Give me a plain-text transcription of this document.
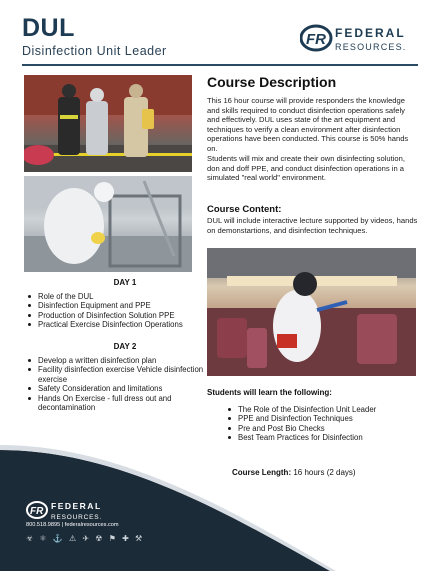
DUL
Disinfection Unit Leader
FR FEDERAL
RESOURCES.
Course Description

This 16 hour course will provide responders the knowledge and skills required to conduct disinfection operations safely and effectively. DUL uses state of the art equipment and techniques to verify a clean environment after disinfection operations have been conducted. This course is 50% hands on.

Students will mix and create their own disinfecting solution, don and doff PPE, and conduct disinfection operations in a simulated "real world" environment.

Course Content:

DUL will include interactive lecture supported by videos, hands on demonstartions, and disinfection techniques.

DAY 1
Role of the DUL
Disinfection Equipment and PPE
Production of Disinfection Solution PPE
Practical Exercise Disinfection Operations
DAY 2
Develop a written disinfection plan
Facility disinfection exercise Vehicle disinfection exercise
Safety Consideration and limitations
Hands On Exercise - full dress out and decontamination
Students will learn the following:
The Role of the Disinfection Unit Leader
PPE and Disinfection Techniques
Pre and Post Bio Checks
Best Team Practices for Disinfection
Course Length: 16 hours (2 days)
FR FEDERAL
RESOURCES.
800.518.9895 | federalresources.com
☣ ⚛ ⚓ ⚠ ✈ ☢ ⚑ ✚ ⚒
